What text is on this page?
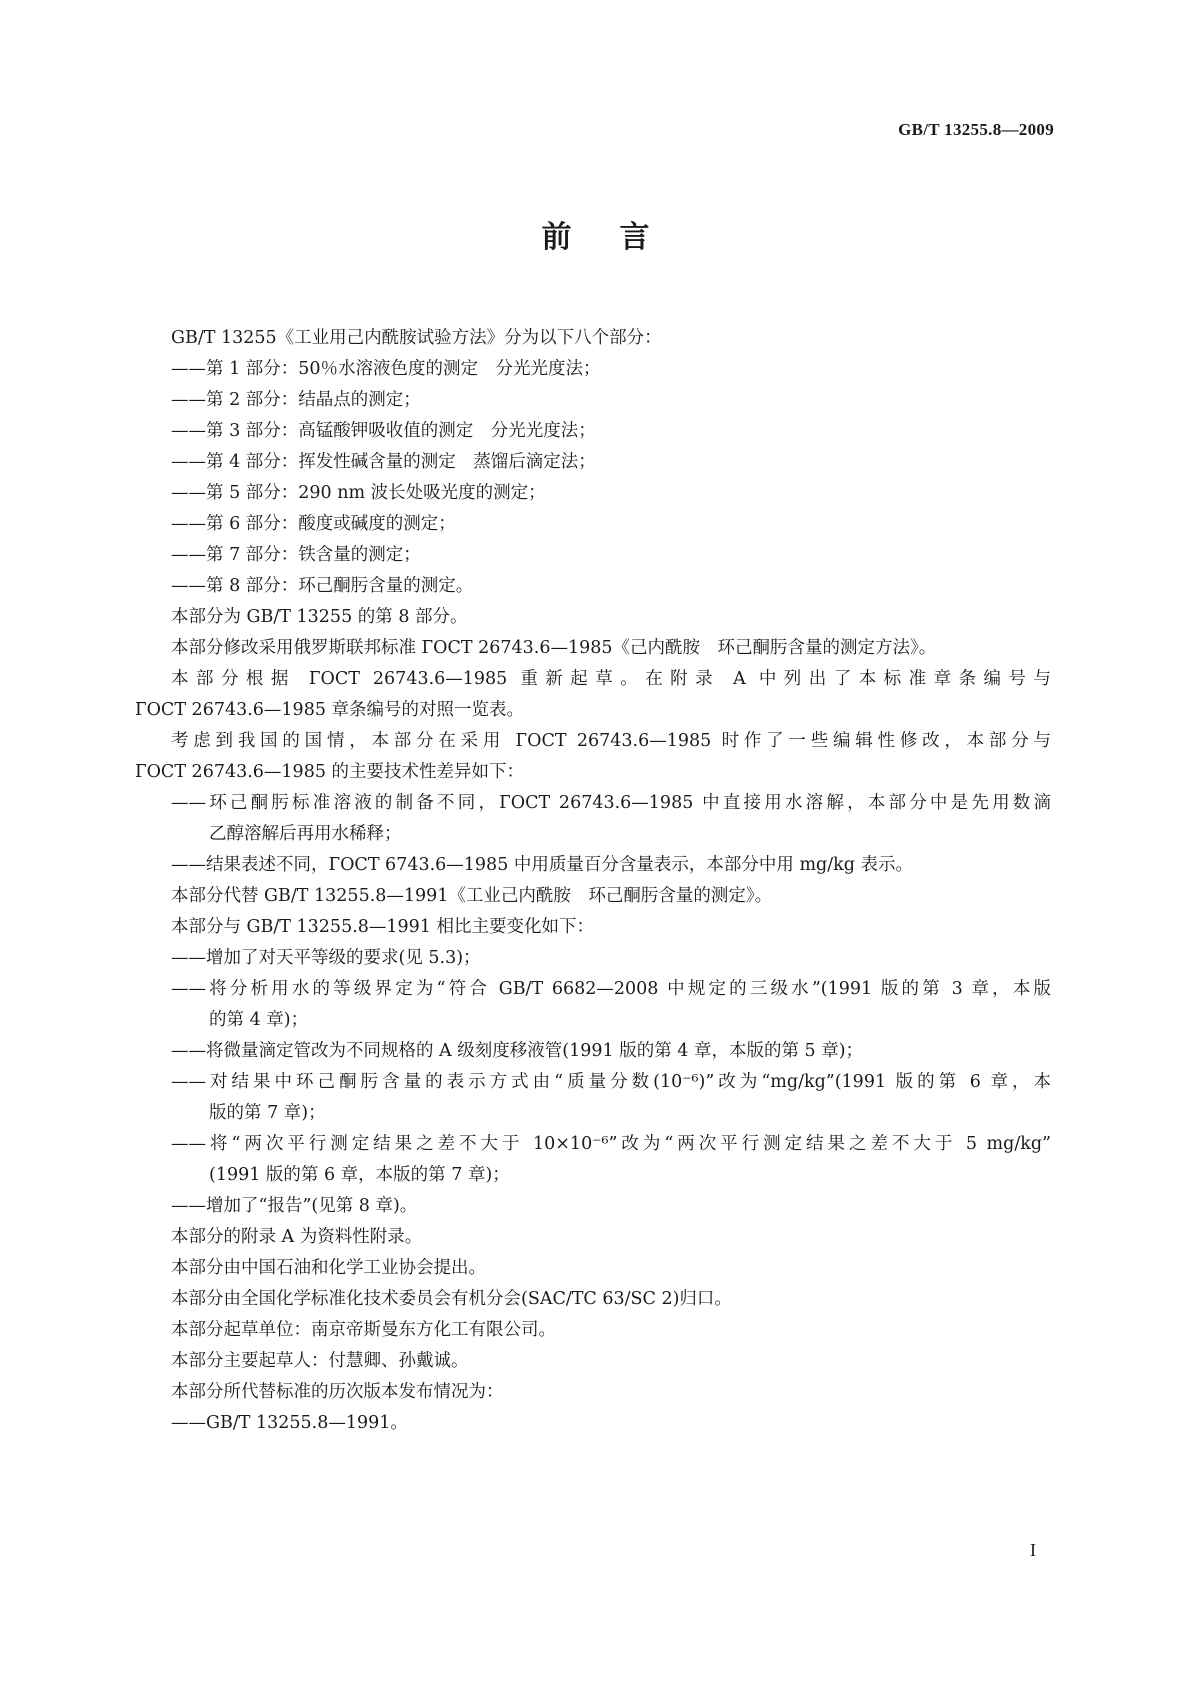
GB/T 13255.8—2009
前言
GB/T 13255《工业用己内酰胺试验方法》分为以下八个部分：
——第 1 部分：50％水溶液色度的测定　分光光度法；
——第 2 部分：结晶点的测定；
——第 3 部分：高锰酸钾吸收值的测定　分光光度法；
——第 4 部分：挥发性碱含量的测定　蒸馏后滴定法；
——第 5 部分：290 nm 波长处吸光度的测定；
——第 6 部分：酸度或碱度的测定；
——第 7 部分：铁含量的测定；
——第 8 部分：环己酮肟含量的测定。
本部分为 GB/T 13255 的第 8 部分。
本部分修改采用俄罗斯联邦标准 ГОСТ 26743.6—1985《己内酰胺　环己酮肟含量的测定方法》。
本部分根据 ГОСТ 26743.6—1985 重新起草。在附录 A 中列出了本标准章条编号与
ГОСТ 26743.6—1985 章条编号的对照一览表。
考虑到我国的国情，本部分在采用 ГОСТ 26743.6—1985 时作了一些编辑性修改，本部分与
ГОСТ 26743.6—1985 的主要技术性差异如下：
——环己酮肟标准溶液的制备不同，ГОСТ 26743.6—1985 中直接用水溶解，本部分中是先用数滴
乙醇溶解后再用水稀释；
——结果表述不同，ГОСТ 6743.6—1985 中用质量百分含量表示，本部分中用 mg/kg 表示。
本部分代替 GB/T 13255.8—1991《工业己内酰胺　环己酮肟含量的测定》。
本部分与 GB/T 13255.8—1991 相比主要变化如下：
——增加了对天平等级的要求(见 5.3)；
——将分析用水的等级界定为“符合 GB/T 6682—2008 中规定的三级水”(1991 版的第 3 章，本版
的第 4 章)；
——将微量滴定管改为不同规格的 A 级刻度移液管(1991 版的第 4 章，本版的第 5 章)；
——对结果中环己酮肟含量的表示方式由“质量分数(10⁻⁶)”改为“mg/kg”(1991 版的第 6 章，本
版的第 7 章)；
——将“两次平行测定结果之差不大于 10×10⁻⁶”改为“两次平行测定结果之差不大于 5 mg/kg”
(1991 版的第 6 章，本版的第 7 章)；
——增加了“报告”(见第 8 章)。
本部分的附录 A 为资料性附录。
本部分由中国石油和化学工业协会提出。
本部分由全国化学标准化技术委员会有机分会(SAC/TC 63/SC 2)归口。
本部分起草单位：南京帝斯曼东方化工有限公司。
本部分主要起草人：付慧卿、孙戴诚。
本部分所代替标准的历次版本发布情况为：
——GB/T 13255.8—1991。
I
